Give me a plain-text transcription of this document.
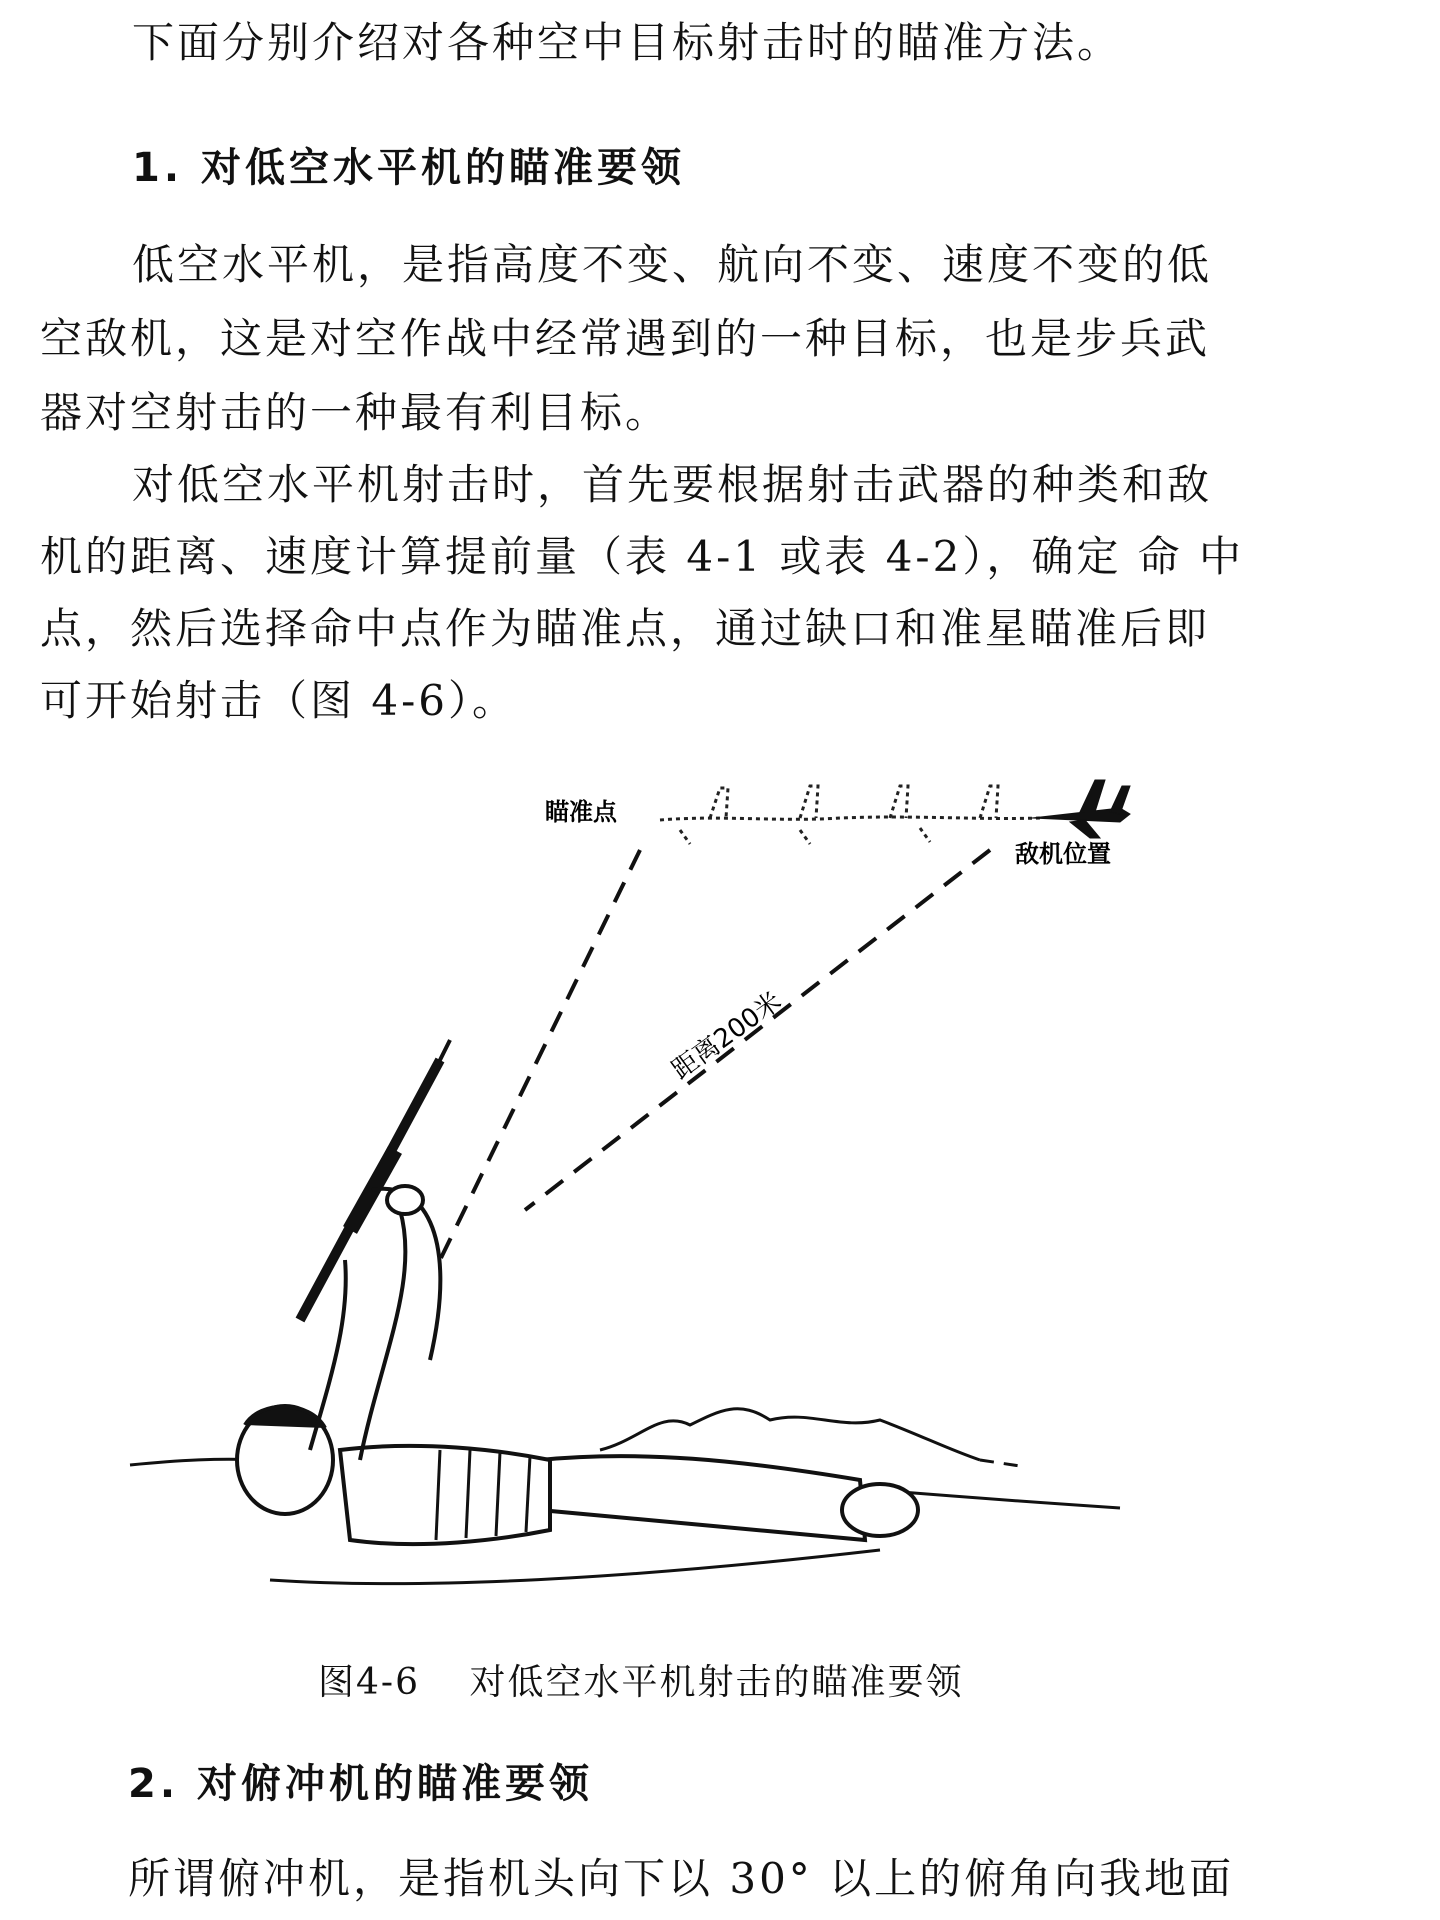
下面分别介绍对各种空中目标射击时的瞄准方法。
1. 对低空水平机的瞄准要领
低空水平机，是指高度不变、航向不变、速度不变的低
空敌机，这是对空作战中经常遇到的一种目标，也是步兵武
器对空射击的一种最有利目标。
对低空水平机射击时，首先要根据射击武器的种类和敌
机的距离、速度计算提前量（表 4-1 或表 4-2），确定 命 中
点，然后选择命中点作为瞄准点，通过缺口和准星瞄准后即
可开始射击（图 4-6）。
瞄准点
敌机位置
距离200米
图4-6 对低空水平机射击的瞄准要领
2. 对俯冲机的瞄准要领
所谓俯冲机，是指机头向下以 30° 以上的俯角向我地面
